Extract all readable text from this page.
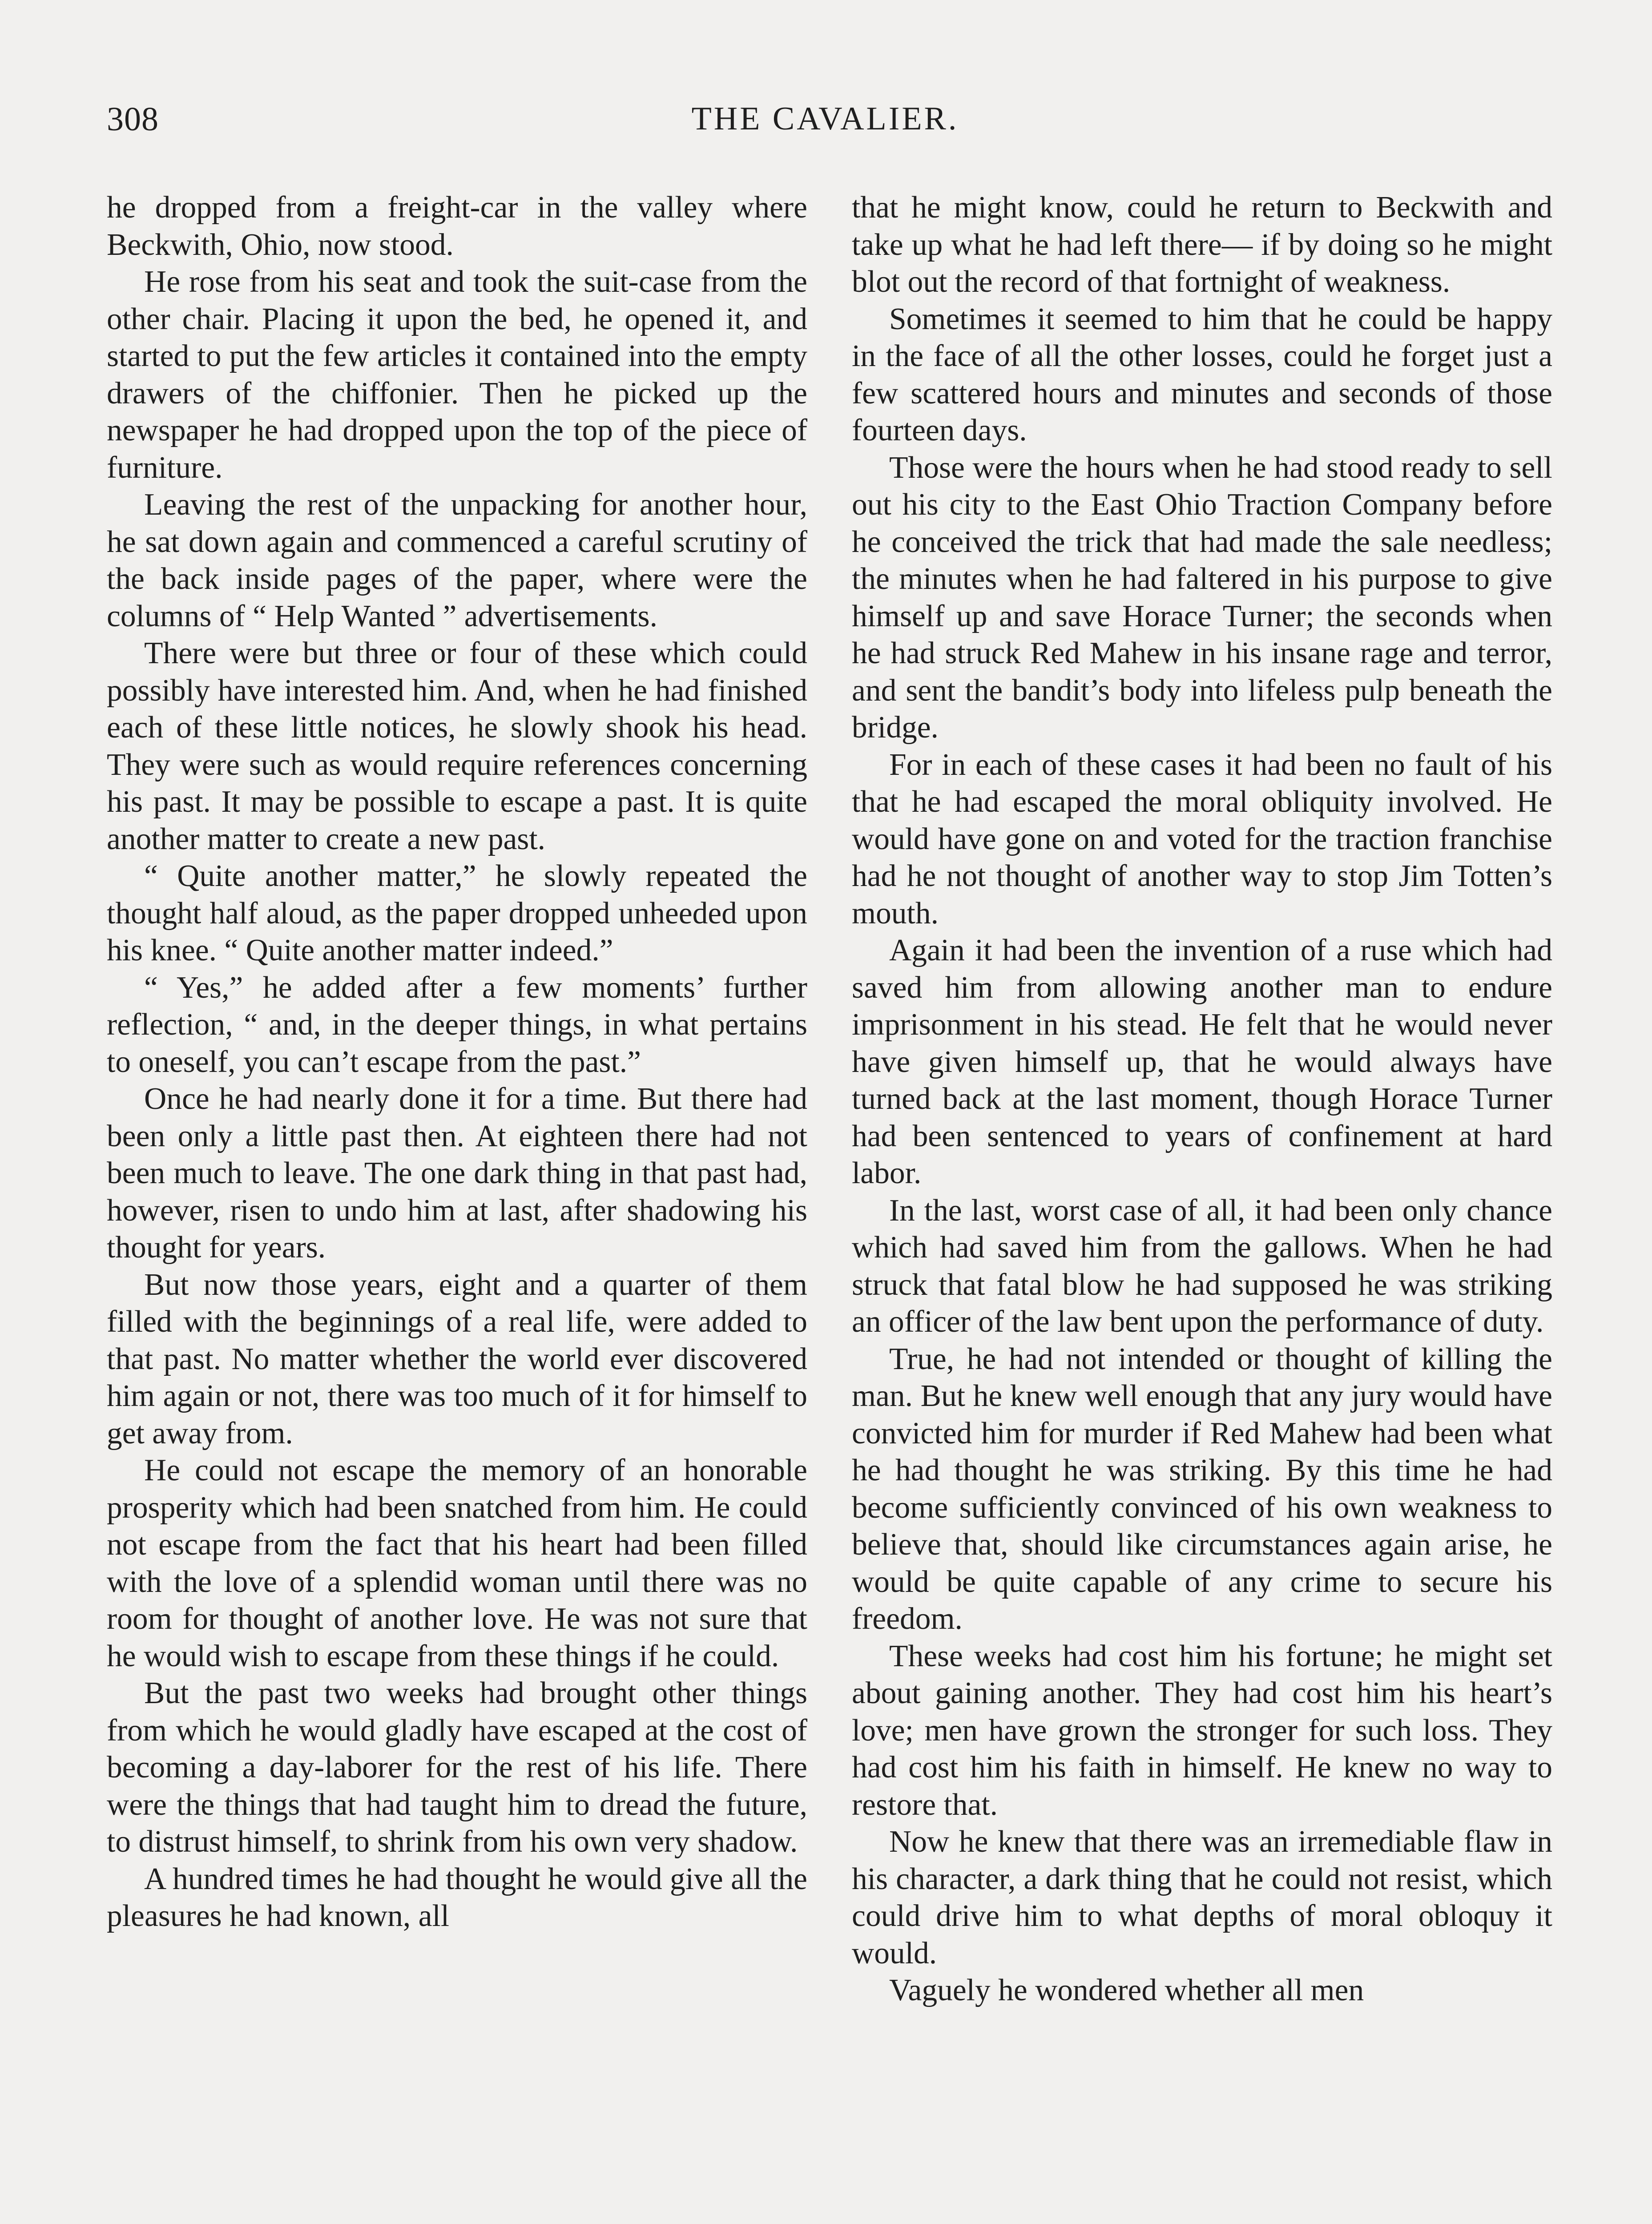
308	THE CAVALIER.

he dropped from a freight-car in the valley where Beckwith, Ohio, now stood.

He rose from his seat and took the suit-case from the other chair. Placing it upon the bed, he opened it, and started to put the few articles it contained into the empty drawers of the chiffonier. Then he picked up the newspaper he had dropped upon the top of the piece of furniture.

Leaving the rest of the unpacking for another hour, he sat down again and commenced a careful scrutiny of the back inside pages of the paper, where were the columns of “ Help Wanted ” advertisements.

There were but three or four of these which could possibly have interested him. And, when he had finished each of these little notices, he slowly shook his head. They were such as would require references concerning his past. It may be possible to escape a past. It is quite another matter to create a new past.

“ Quite another matter,” he slowly repeated the thought half aloud, as the paper dropped unheeded upon his knee. “ Quite another matter indeed.”

“ Yes,” he added after a few moments’ further reflection, “ and, in the deeper things, in what pertains to oneself, you can’t escape from the past.”

Once he had nearly done it for a time. But there had been only a little past then. At eighteen there had not been much to leave. The one dark thing in that past had, however, risen to undo him at last, after shadowing his thought for years.

But now those years, eight and a quarter of them filled with the beginnings of a real life, were added to that past. No matter whether the world ever discovered him again or not, there was too much of it for himself to get away from.

He could not escape the memory of an honorable prosperity which had been snatched from him. He could not escape from the fact that his heart had been filled with the love of a splendid woman until there was no room for thought of another love. He was not sure that he would wish to escape from these things if he could.

But the past two weeks had brought other things from which he would gladly have escaped at the cost of becoming a day-laborer for the rest of his life. There were the things that had taught him to dread the future, to distrust himself, to shrink from his own very shadow.

A hundred times he had thought he would give all the pleasures he had known, all

that he might know, could he return to Beckwith and take up what he had left there— if by doing so he might blot out the record of that fortnight of weakness.

Sometimes it seemed to him that he could be happy in the face of all the other losses, could he forget just a few scattered hours and minutes and seconds of those fourteen days.

Those were the hours when he had stood ready to sell out his city to the East Ohio Traction Company before he conceived the trick that had made the sale needless; the minutes when he had faltered in his purpose to give himself up and save Horace Turner; the seconds when he had struck Red Mahew in his insane rage and terror, and sent the bandit’s body into lifeless pulp beneath the bridge.

For in each of these cases it had been no fault of his that he had escaped the moral obliquity involved. He would have gone on and voted for the traction franchise had he not thought of another way to stop Jim Totten’s mouth.

Again it had been the invention of a ruse which had saved him from allowing another man to endure imprisonment in his stead. He felt that he would never have given himself up, that he would always have turned back at the last moment, though Horace Turner had been sentenced to years of confinement at hard labor.

In the last, worst case of all, it had been only chance which had saved him from the gallows. When he had struck that fatal blow he had supposed he was striking an officer of the law bent upon the performance of duty.

True, he had not intended or thought of killing the man. But he knew well enough that any jury would have convicted him for murder if Red Mahew had been what he had thought he was striking. By this time he had become sufficiently convinced of his own weakness to believe that, should like circumstances again arise, he would be quite capable of any crime to secure his freedom.

These weeks had cost him his fortune; he might set about gaining another. They had cost him his heart’s love; men have grown the stronger for such loss. They had cost him his faith in himself. He knew no way to restore that.

Now he knew that there was an irremediable flaw in his character, a dark thing that he could not resist, which could drive him to what depths of moral obloquy it would.

Vaguely he wondered whether all men
